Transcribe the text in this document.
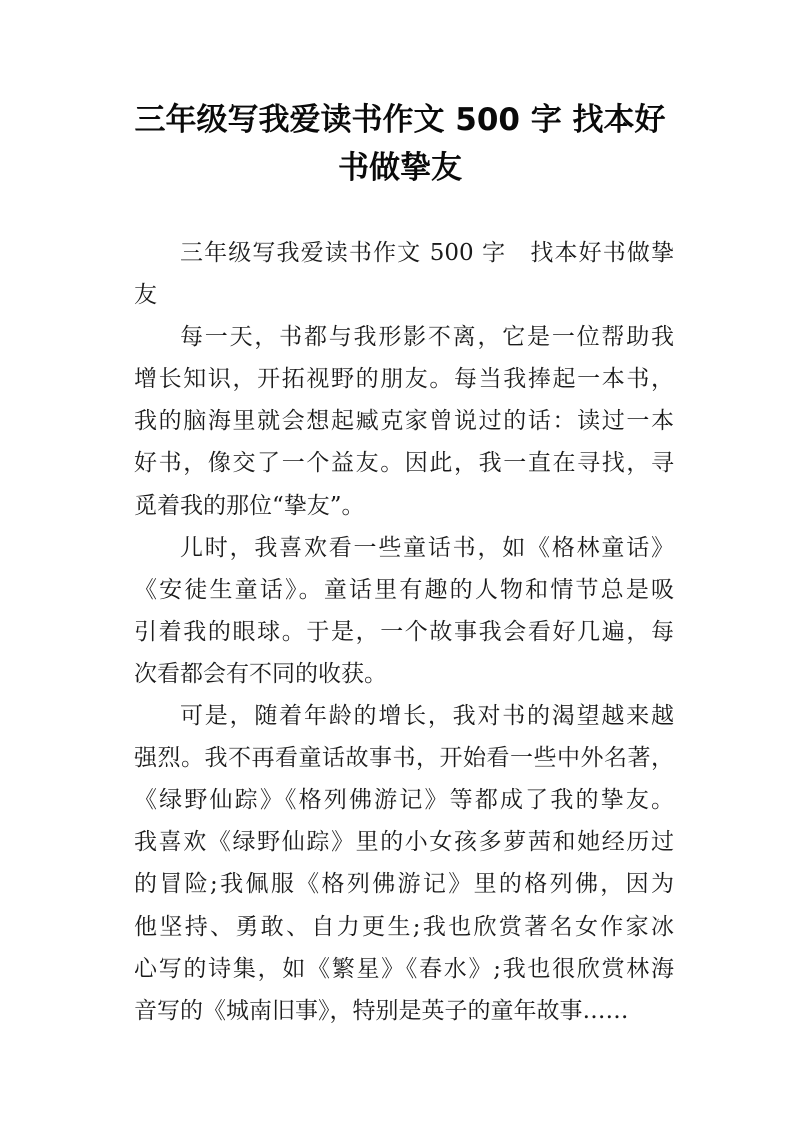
三年级写我爱读书作文 500 字 找本好
书做挚友
三年级写我爱读书作文 500 字　找本好书做挚
友
每一天，书都与我形影不离，它是一位帮助我
增长知识，开拓视野的朋友。每当我捧起一本书，
我的脑海里就会想起臧克家曾说过的话：读过一本
好书，像交了一个益友。因此，我一直在寻找，寻
觅着我的那位“挚友”。
儿时，我喜欢看一些童话书，如《格林童话》
《安徒生童话》。童话里有趣的人物和情节总是吸
引着我的眼球。于是，一个故事我会看好几遍，每
次看都会有不同的收获。
可是，随着年龄的增长，我对书的渴望越来越
强烈。我不再看童话故事书，开始看一些中外名著，
《绿野仙踪》《格列佛游记》等都成了我的挚友。
我喜欢《绿野仙踪》里的小女孩多萝茜和她经历过
的冒险;我佩服《格列佛游记》里的格列佛，因为
他坚持、勇敢、自力更生;我也欣赏著名女作家冰
心写的诗集，如《繁星》《春水》;我也很欣赏林海
音写的《城南旧事》，特别是英子的童年故事……
